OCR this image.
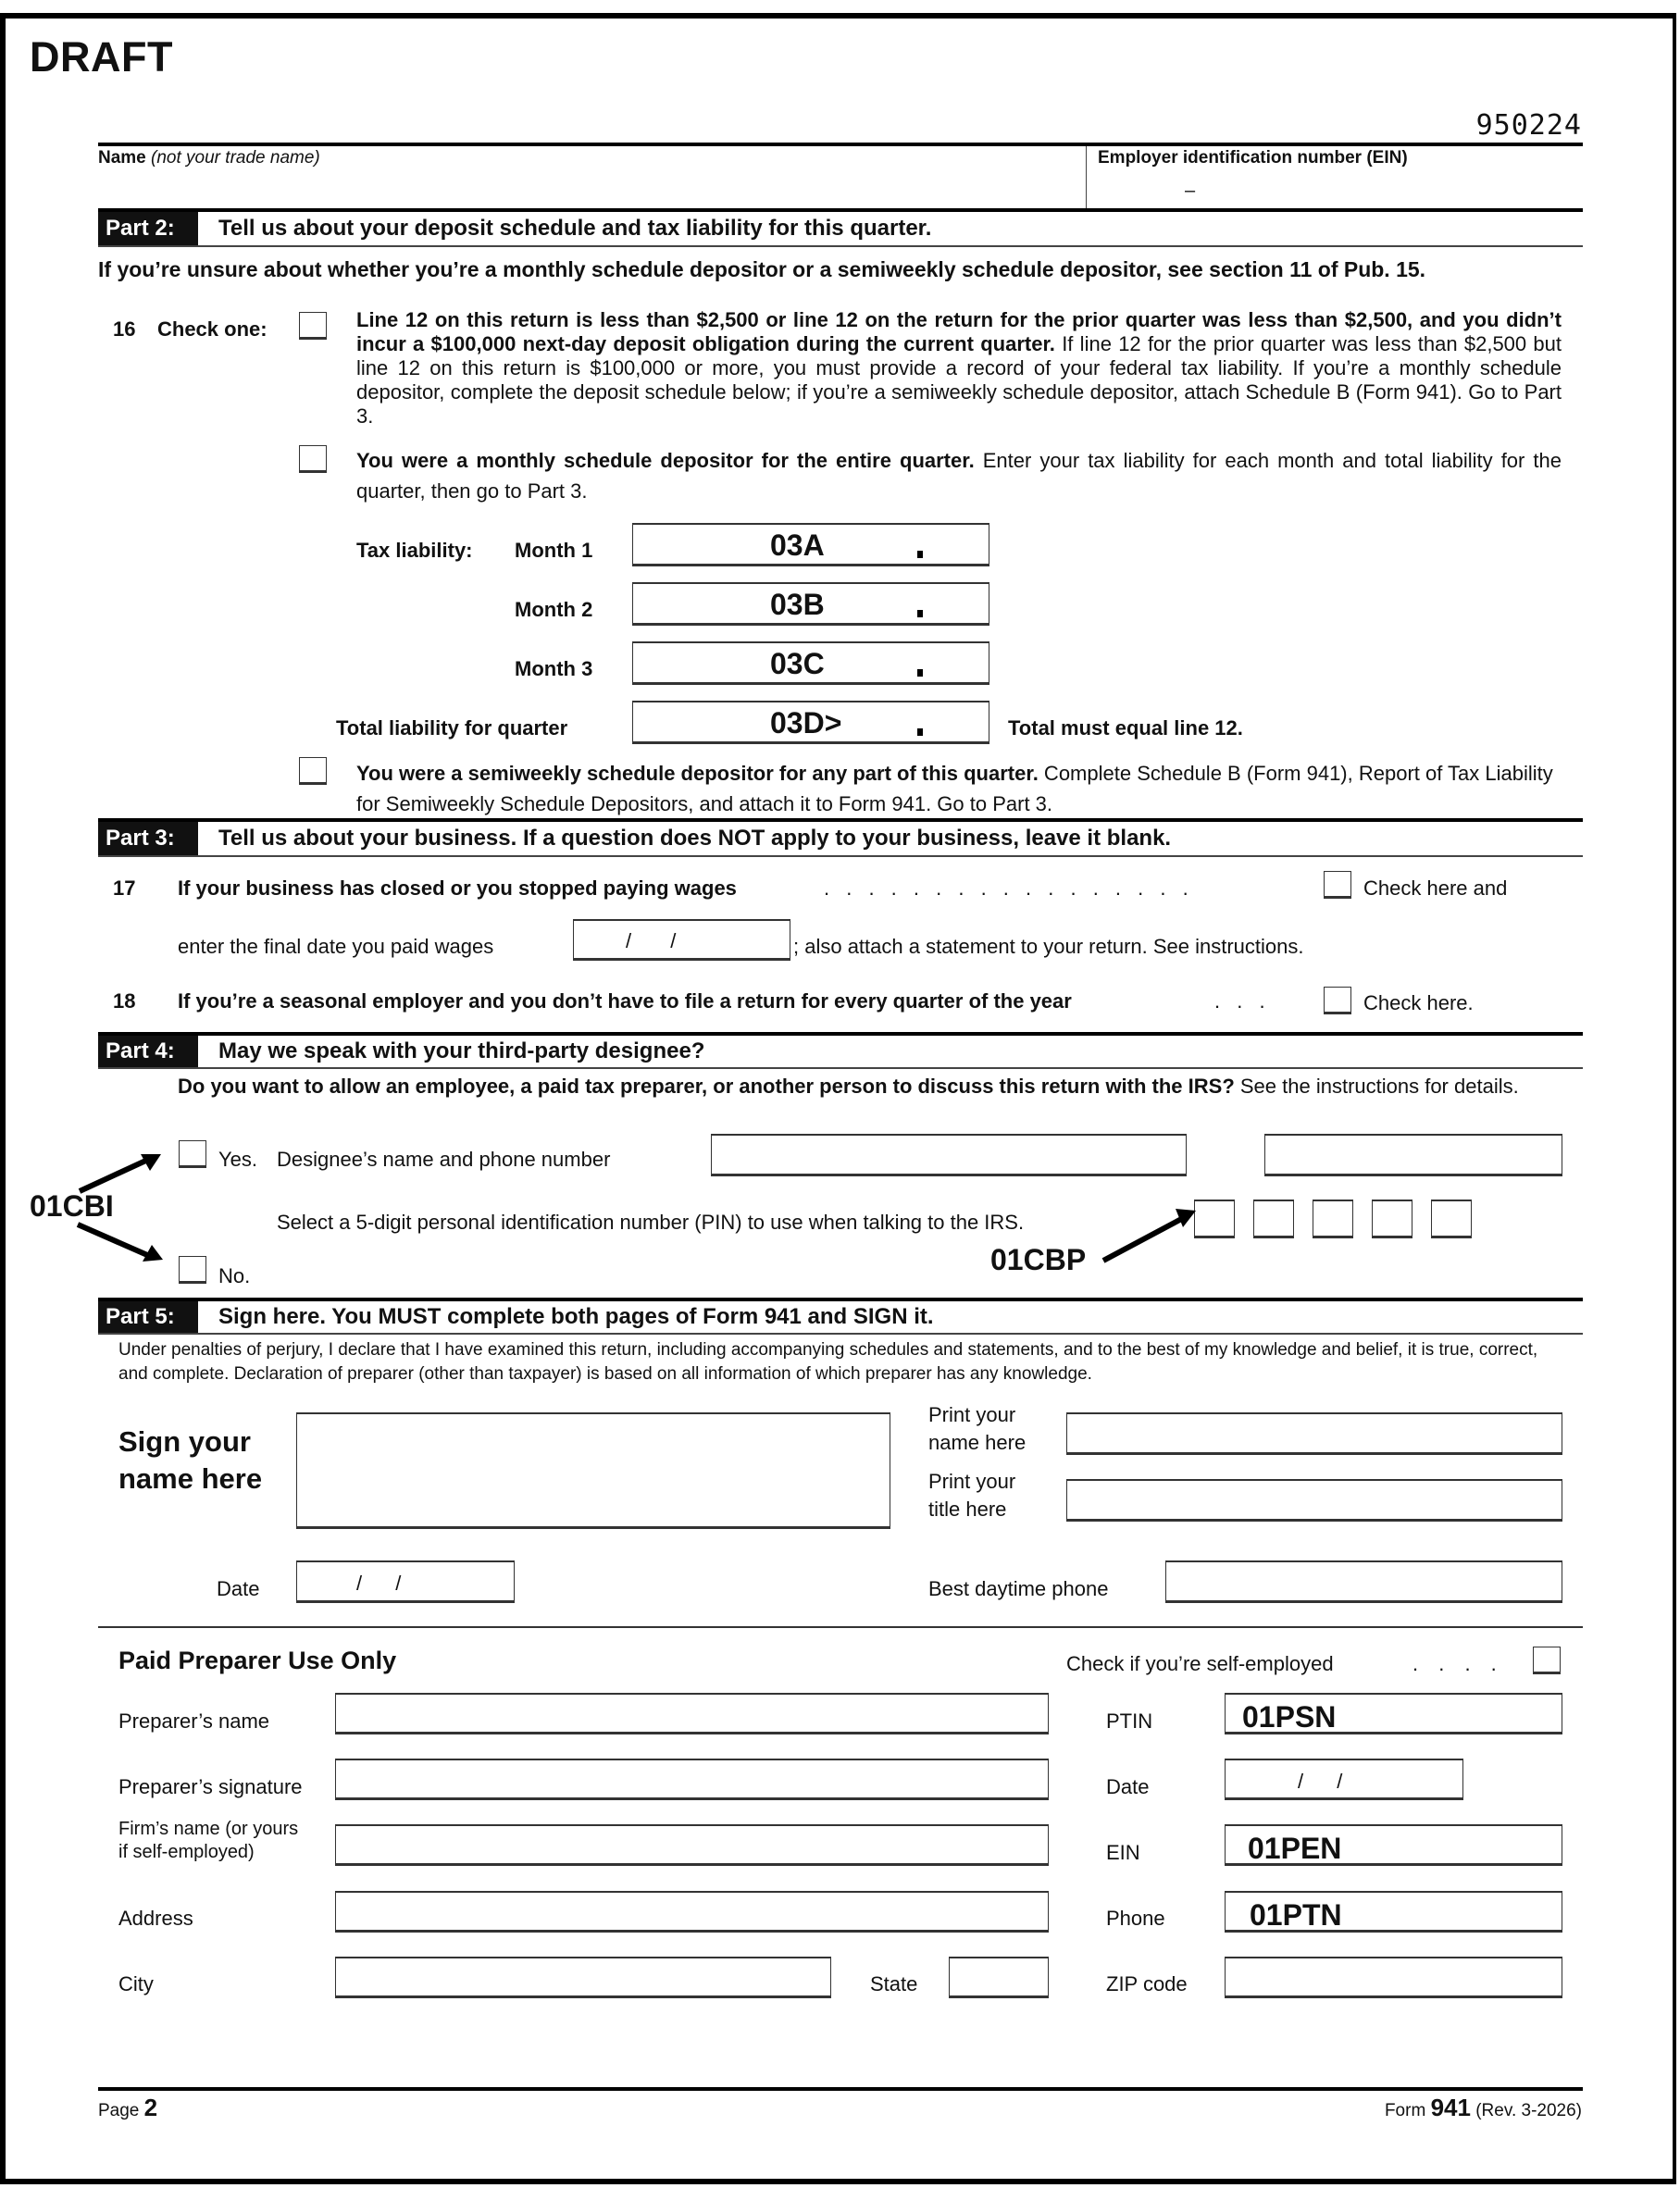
DRAFT
950224
Name (not your trade name)	Employer identification number (EIN)
–
Part 2:	Tell us about your deposit schedule and tax liability for this quarter.
If you’re unsure about whether you’re a monthly schedule depositor or a semiweekly schedule depositor, see section 11 of Pub. 15.
16 Check one:	Line 12 on this return is less than $2,500 or line 12 on the return for the prior quarter was less than $2,500, and you didn’t incur a $100,000 next-day deposit obligation during the current quarter. If line 12 for the prior quarter was less than $2,500 but line 12 on this return is $100,000 or more, you must provide a record of your federal tax liability. If you’re a monthly schedule depositor, complete the deposit schedule below; if you’re a semiweekly schedule depositor, attach Schedule B (Form 941). Go to Part 3.
You were a monthly schedule depositor for the entire quarter. Enter your tax liability for each month and total liability for the quarter, then go to Part 3.
Tax liability: Month 1	03A
Month 2	03B
Month 3	03C
Total liability for quarter	03D>	Total must equal line 12.
You were a semiweekly schedule depositor for any part of this quarter. Complete Schedule B (Form 941), Report of Tax Liability for Semiweekly Schedule Depositors, and attach it to Form 941. Go to Part 3.
Part 3:	Tell us about your business. If a question does NOT apply to your business, leave it blank.
17 If your business has closed or you stopped paying wages	. . . . . . . . . . . . . . . . .	Check here and
enter the final date you paid wages	/ /	; also attach a statement to your return. See instructions.
18 If you’re a seasonal employer and you don’t have to file a return for every quarter of the year	. . .	Check here.
Part 4:	May we speak with your third-party designee?
Do you want to allow an employee, a paid tax preparer, or another person to discuss this return with the IRS? See the instructions for details.
Yes. Designee’s name and phone number
Select a 5-digit personal identification number (PIN) to use when talking to the IRS.
No.
01CBI
01CBP
Part 5:	Sign here. You MUST complete both pages of Form 941 and SIGN it.
Under penalties of perjury, I declare that I have examined this return, including accompanying schedules and statements, and to the best of my knowledge and belief, it is true, correct, and complete. Declaration of preparer (other than taxpayer) is based on all information of which preparer has any knowledge.
Sign your
name here
Print your
name here
Print your
title here
Date	/ /	Best daytime phone
Paid Preparer Use Only	Check if you’re self-employed	. . . .
Preparer’s name	PTIN	01PSN
Preparer’s signature	Date	/ /
Firm’s name (or yours
if self-employed)	EIN	01PEN
Address	Phone	01PTN
City	State	ZIP code
Page 2	Form 941 (Rev. 3-2026)
